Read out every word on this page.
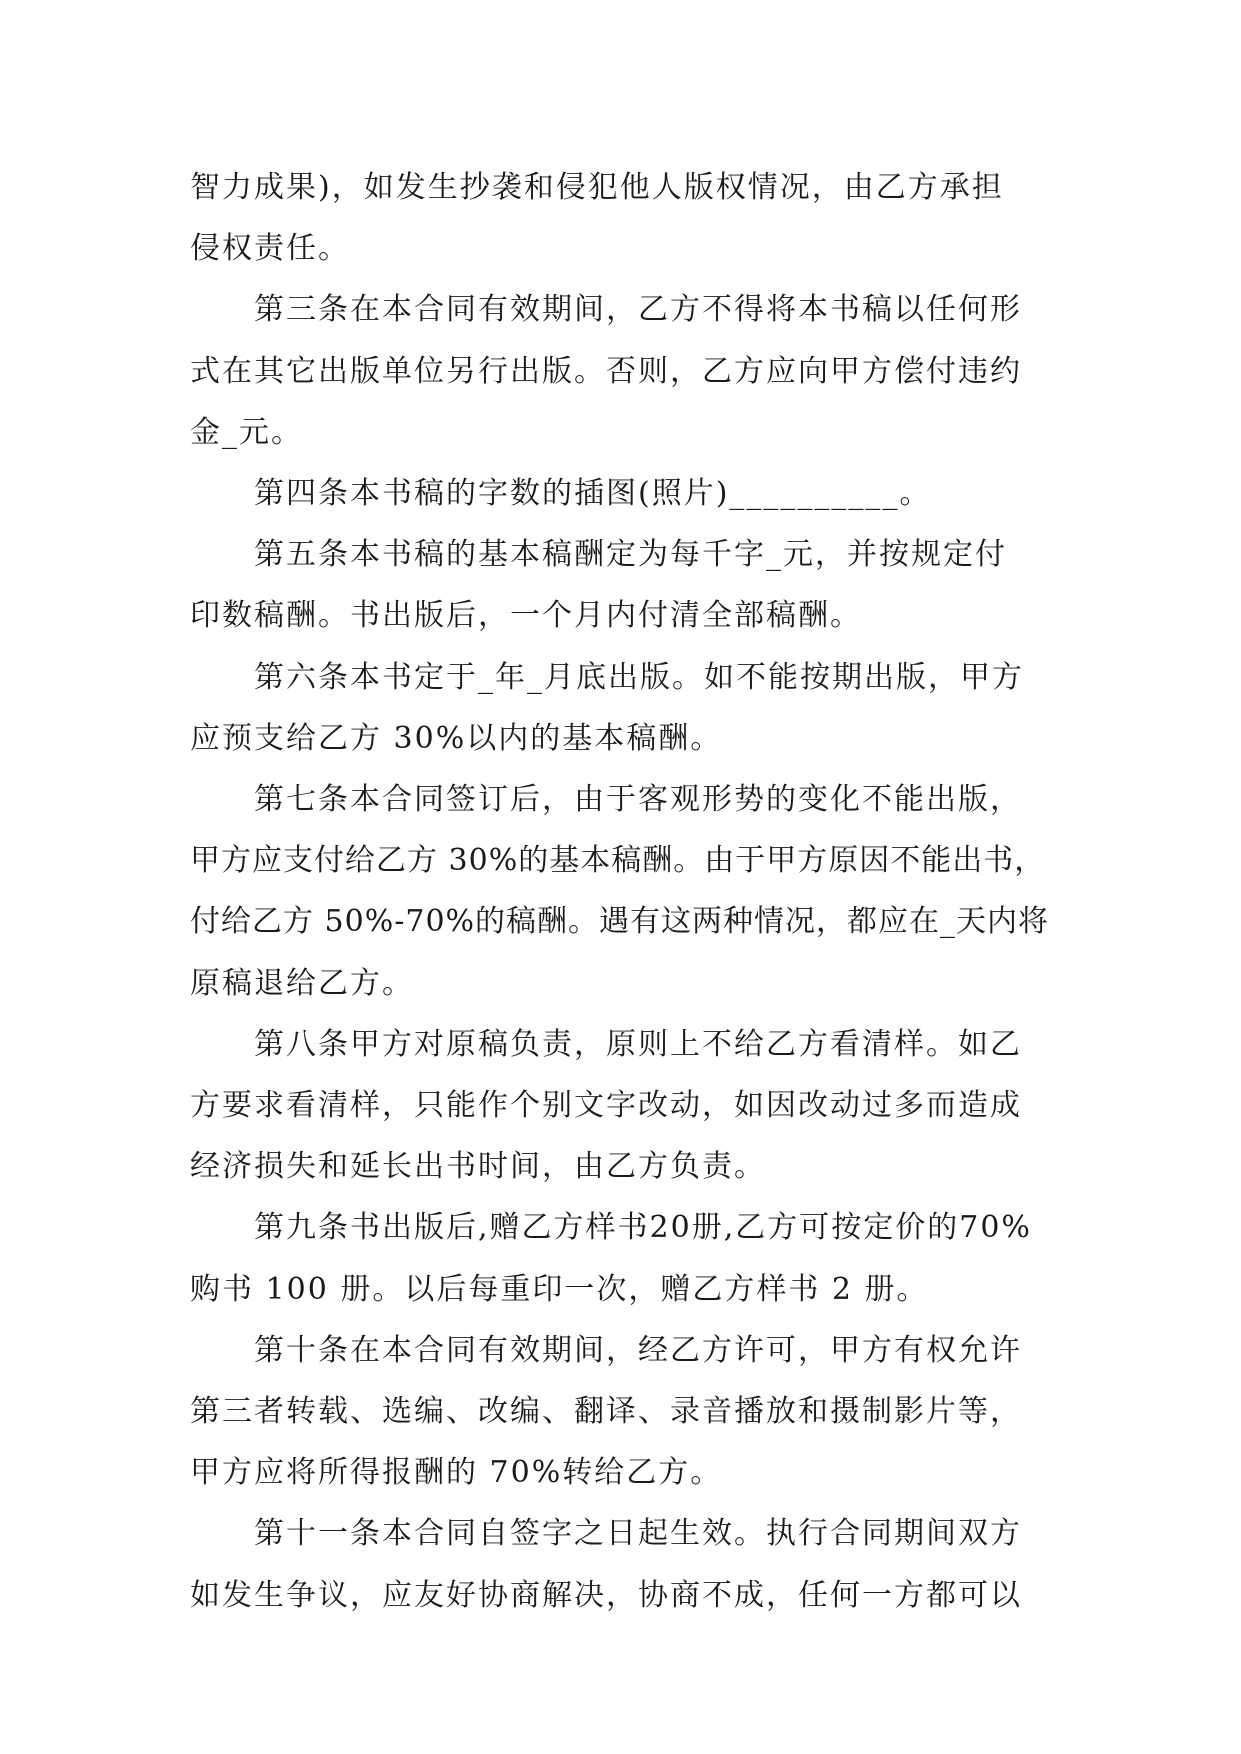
智力成果)，如发生抄袭和侵犯他人版权情况，由乙方承担
侵权责任。
第三条在本合同有效期间，乙方不得将本书稿以任何形
式在其它出版单位另行出版。否则，乙方应向甲方偿付违约
金_元。
第四条本书稿的字数的插图(照片)__________。
第五条本书稿的基本稿酬定为每千字_元，并按规定付
印数稿酬。书出版后，一个月内付清全部稿酬。
第六条本书定于_年_月底出版。如不能按期出版，甲方
应预支给乙方 30%以内的基本稿酬。
第七条本合同签订后，由于客观形势的变化不能出版，
甲方应支付给乙方 30%的基本稿酬。由于甲方原因不能出书，
付给乙方 50%-70%的稿酬。遇有这两种情况，都应在_天内将
原稿退给乙方。
第八条甲方对原稿负责，原则上不给乙方看清样。如乙
方要求看清样，只能作个别文字改动，如因改动过多而造成
经济损失和延长出书时间，由乙方负责。
第九条书出版后,赠乙方样书20册,乙方可按定价的70%
购书 100 册。以后每重印一次，赠乙方样书 2 册。
第十条在本合同有效期间，经乙方许可，甲方有权允许
第三者转载、选编、改编、翻译、录音播放和摄制影片等，
甲方应将所得报酬的 70%转给乙方。
第十一条本合同自签字之日起生效。执行合同期间双方
如发生争议，应友好协商解决，协商不成，任何一方都可以
